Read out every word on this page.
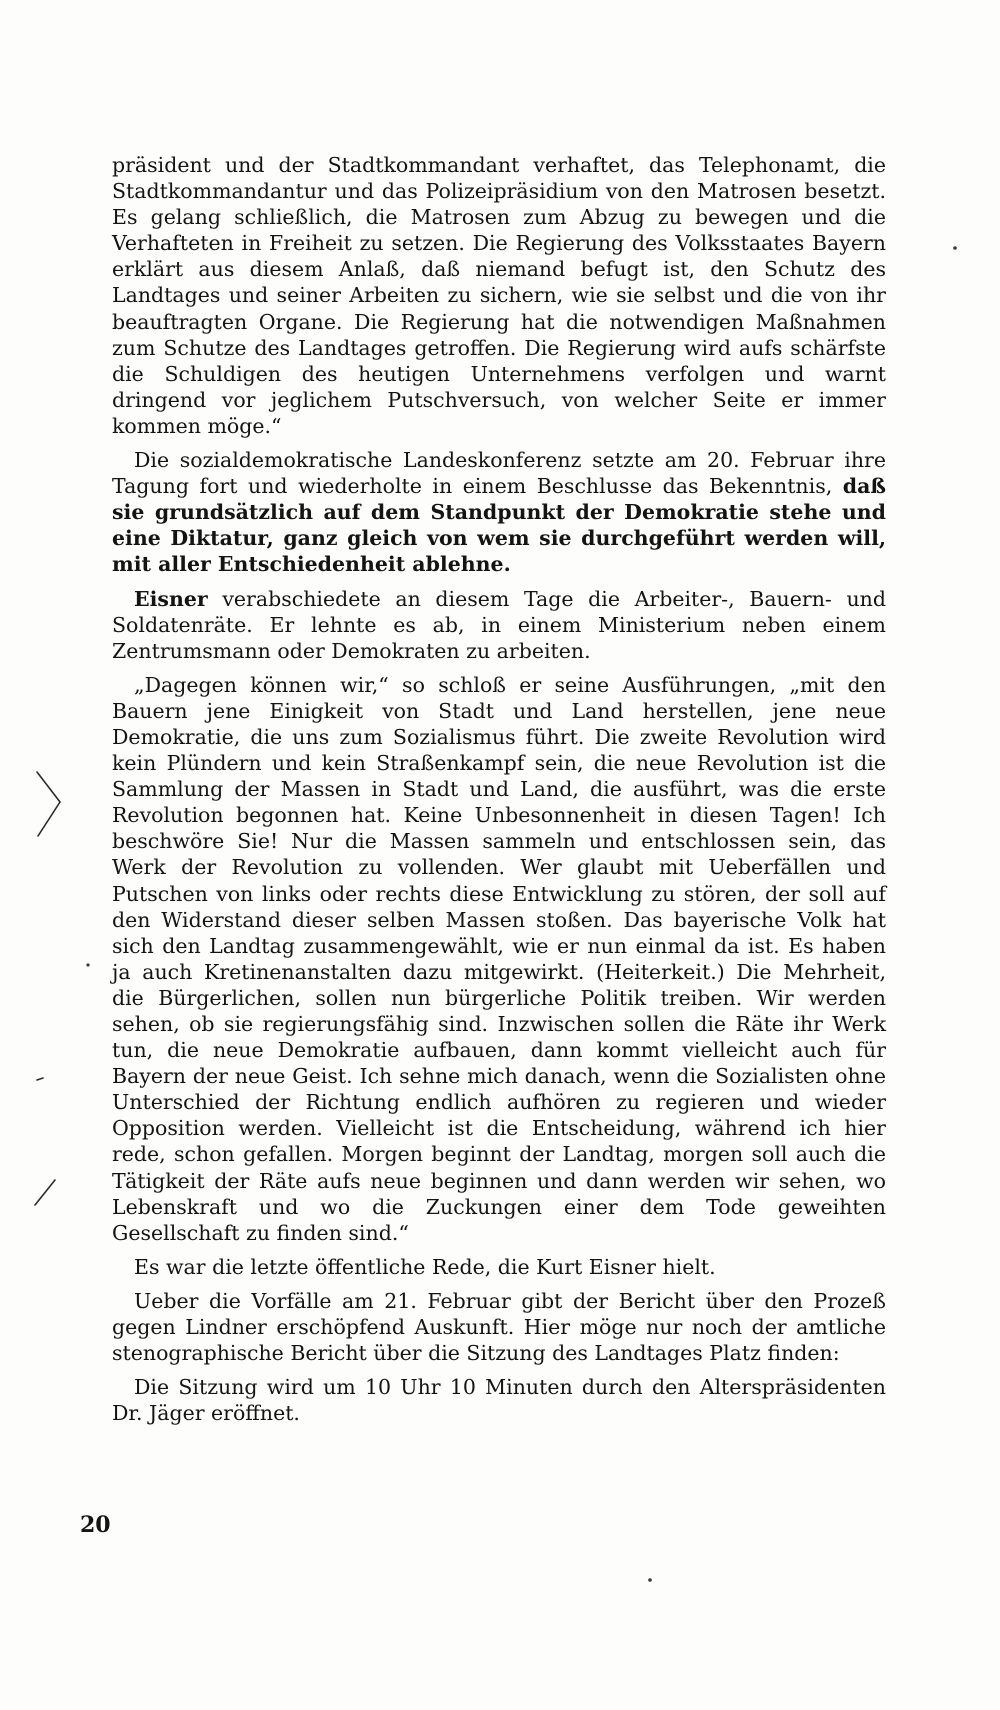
präsident und der Stadtkommandant verhaftet, das Telephonamt, die Stadtkommandantur und das Polizeipräsidium von den Matrosen besetzt. Es gelang schließlich, die Matrosen zum Abzug zu bewegen und die Verhafteten in Freiheit zu setzen. Die Regierung des Volksstaates Bayern erklärt aus diesem Anlaß, daß niemand befugt ist, den Schutz des Landtages und seiner Arbeiten zu sichern, wie sie selbst und die von ihr beauftragten Organe. Die Regierung hat die notwendigen Maßnahmen zum Schutze des Landtages getroffen. Die Regierung wird aufs schärfste die Schuldigen des heutigen Unternehmens verfolgen und warnt dringend vor jeglichem Putschversuch, von welcher Seite er immer kommen möge.“

Die sozialdemokratische Landeskonferenz setzte am 20. Februar ihre Tagung fort und wiederholte in einem Beschlusse das Bekenntnis, daß sie grundsätzlich auf dem Standpunkt der Demokratie stehe und eine Diktatur, ganz gleich von wem sie durchgeführt werden will, mit aller Entschiedenheit ablehne.

Eisner verabschiedete an diesem Tage die Arbeiter-, Bauern- und Soldatenräte. Er lehnte es ab, in einem Ministerium neben einem Zentrumsmann oder Demokraten zu arbeiten.

„Dagegen können wir,“ so schloß er seine Ausführungen, „mit den Bauern jene Einigkeit von Stadt und Land herstellen, jene neue Demokratie, die uns zum Sozialismus führt. Die zweite Revolution wird kein Plündern und kein Straßenkampf sein, die neue Revolution ist die Sammlung der Massen in Stadt und Land, die ausführt, was die erste Revolution begonnen hat. Keine Unbesonnenheit in diesen Tagen! Ich beschwöre Sie! Nur die Massen sammeln und entschlossen sein, das Werk der Revolution zu vollenden. Wer glaubt mit Ueberfällen und Putschen von links oder rechts diese Entwicklung zu stören, der soll auf den Widerstand dieser selben Massen stoßen. Das bayerische Volk hat sich den Landtag zusammengewählt, wie er nun einmal da ist. Es haben ja auch Kretinenanstalten dazu mitgewirkt. (Heiterkeit.) Die Mehrheit, die Bürgerlichen, sollen nun bürgerliche Politik treiben. Wir werden sehen, ob sie regierungsfähig sind. Inzwischen sollen die Räte ihr Werk tun, die neue Demokratie aufbauen, dann kommt vielleicht auch für Bayern der neue Geist. Ich sehne mich danach, wenn die Sozialisten ohne Unterschied der Richtung endlich aufhören zu regieren und wieder Opposition werden. Vielleicht ist die Entscheidung, während ich hier rede, schon gefallen. Morgen beginnt der Landtag, morgen soll auch die Tätigkeit der Räte aufs neue beginnen und dann werden wir sehen, wo Lebenskraft und wo die Zuckungen einer dem Tode geweihten Gesellschaft zu finden sind.“

Es war die letzte öffentliche Rede, die Kurt Eisner hielt.

Ueber die Vorfälle am 21. Februar gibt der Bericht über den Prozeß gegen Lindner erschöpfend Auskunft. Hier möge nur noch der amtliche stenographische Bericht über die Sitzung des Landtages Platz finden:

Die Sitzung wird um 10 Uhr 10 Minuten durch den Alterspräsidenten Dr. Jäger eröffnet.

20
